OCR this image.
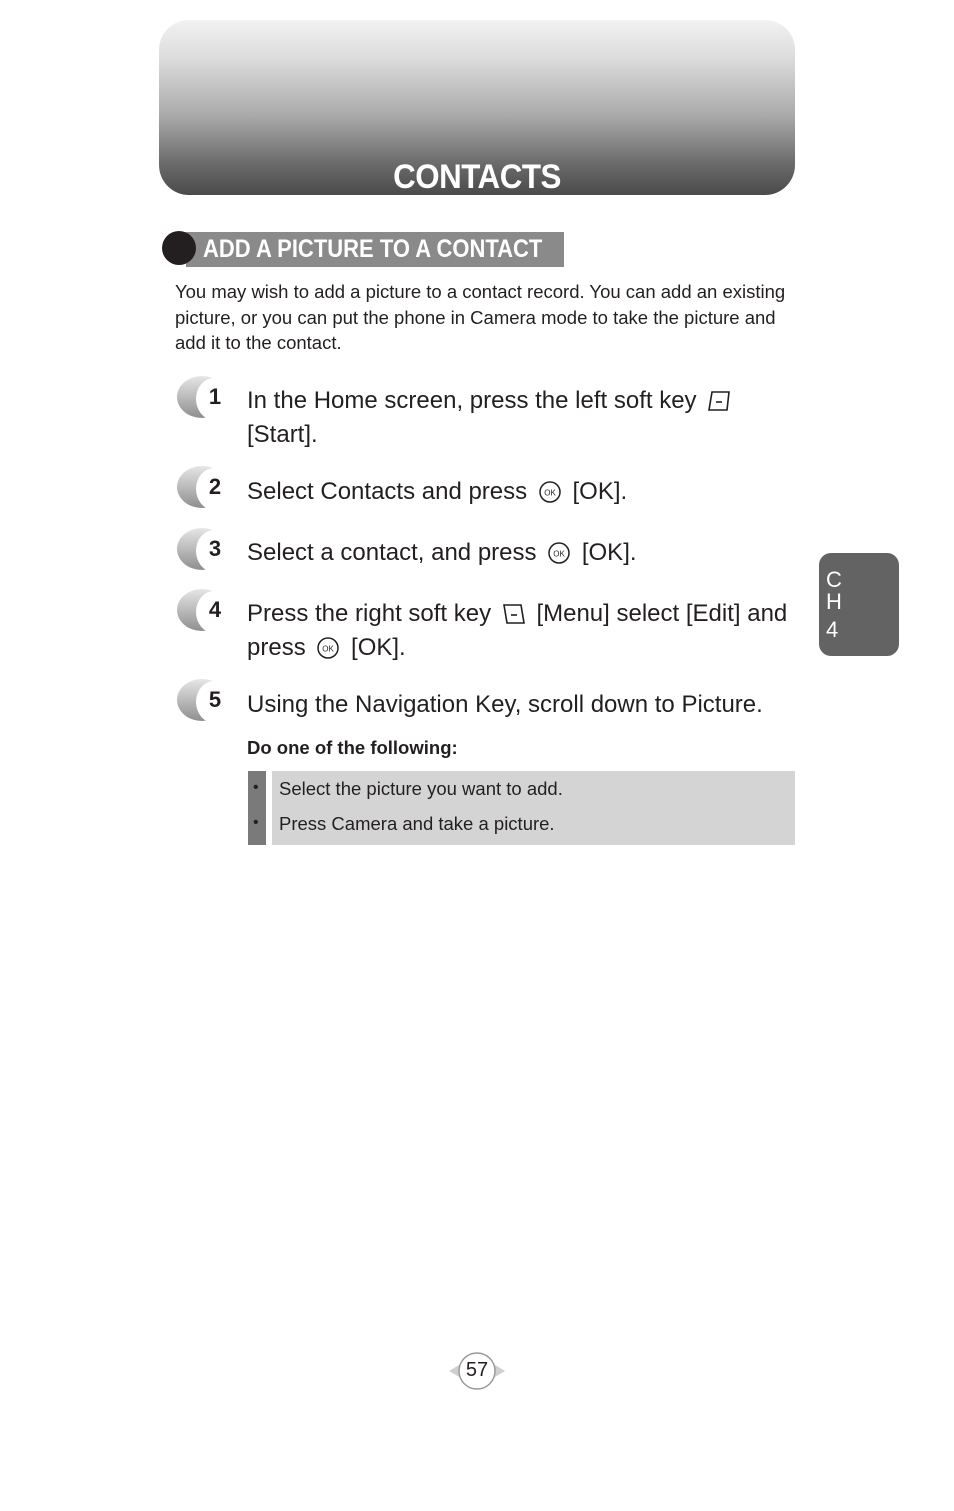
CONTACTS
ADD A PICTURE TO A CONTACT

You may wish to add a picture to a contact record. You can add an existing picture, or you can put the phone in Camera mode to take the picture and add it to the contact.

1 In the Home screen, press the left soft key
[Start].

2 Select Contacts and press OK [OK].

3 Select a contact, and press OK [OK].

4 Press the right soft key [Menu] select [Edit] and press OK [OK].

5 Using the Navigation Key, scroll down to Picture.

Do one of the following:
• Select the picture you want to add.
• Press Camera and take a picture.
C
H
4
57
